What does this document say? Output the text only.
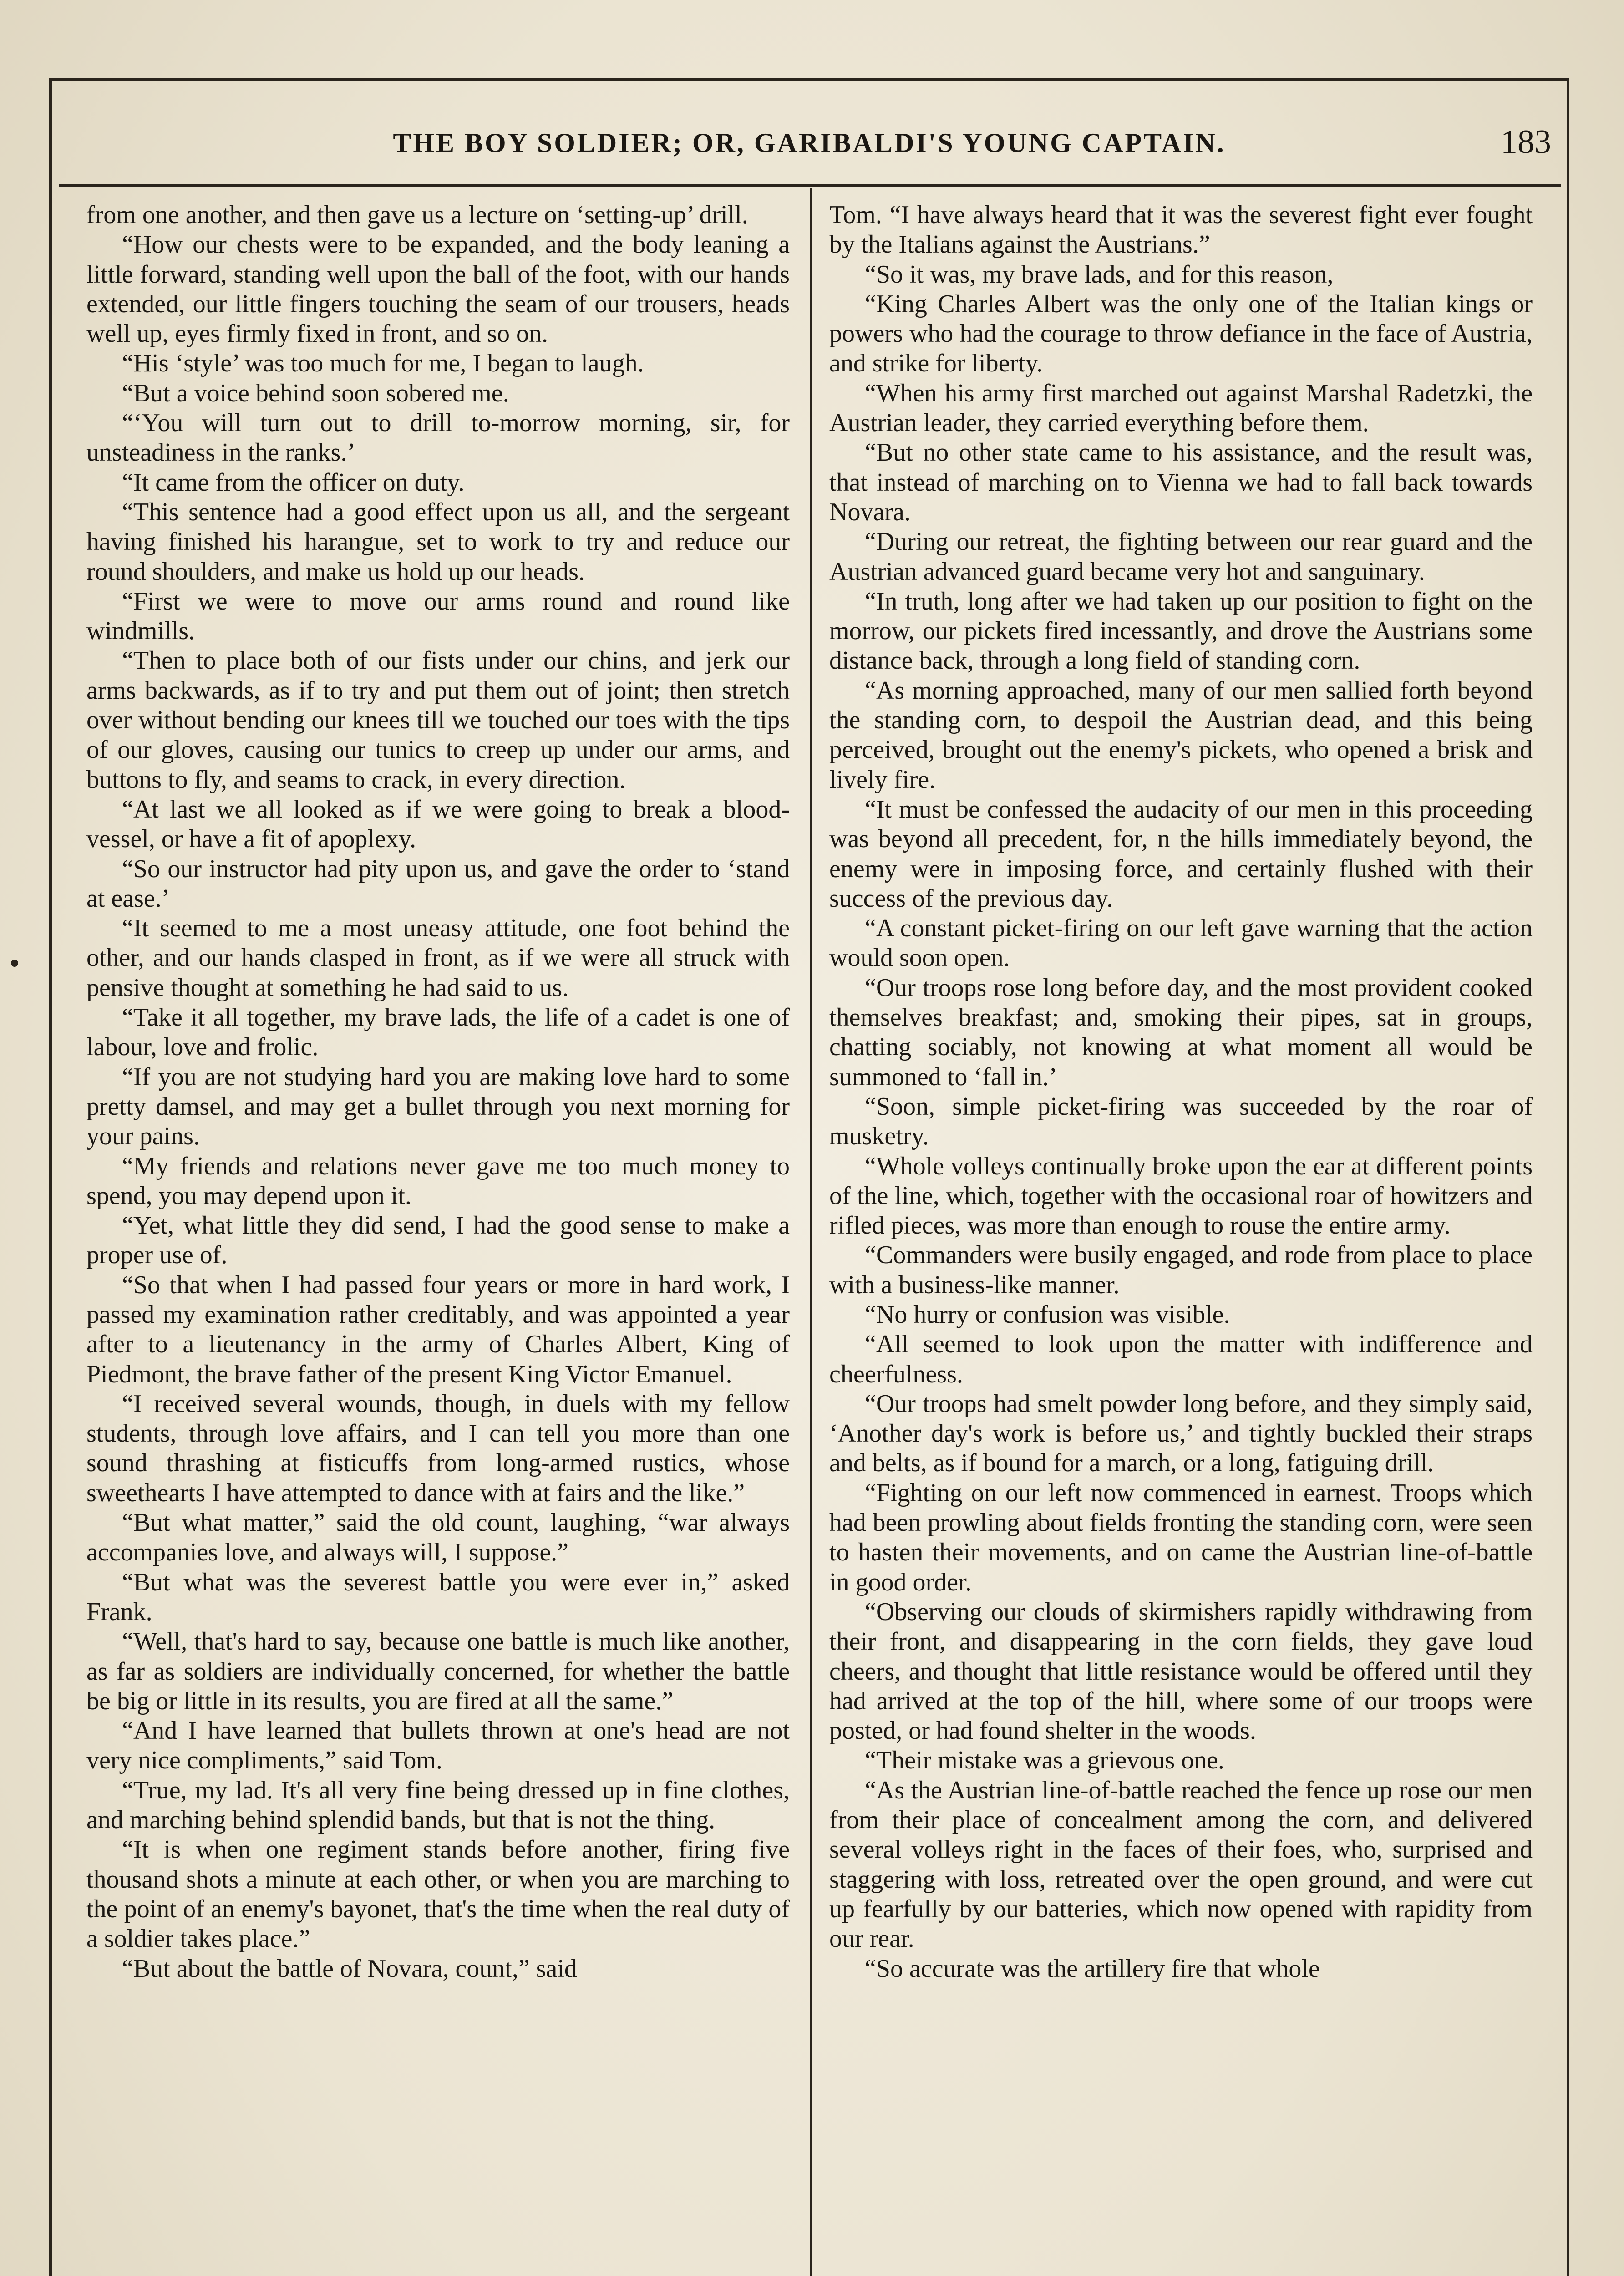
THE BOY SOLDIER; OR, GARIBALDI'S YOUNG CAPTAIN.	183

from one another, and then gave us a lecture on ‘setting-up’ drill.

“How our chests were to be expanded, and the body leaning a little forward, standing well upon the ball of the foot, with our hands extended, our little fingers touching the seam of our trousers, heads well up, eyes firmly fixed in front, and so on.

“His ‘style’ was too much for me, I began to laugh.

“But a voice behind soon sobered me.

“‘You will turn out to drill to-morrow morning, sir, for unsteadiness in the ranks.’

“It came from the officer on duty.

“This sentence had a good effect upon us all, and the sergeant having finished his harangue, set to work to try and reduce our round shoulders, and make us hold up our heads.

“First we were to move our arms round and round like windmills.

“Then to place both of our fists under our chins, and jerk our arms backwards, as if to try and put them out of joint; then stretch over without bending our knees till we touched our toes with the tips of our gloves, causing our tunics to creep up under our arms, and buttons to fly, and seams to crack, in every direction.

“At last we all looked as if we were going to break a blood-vessel, or have a fit of apoplexy.

“So our instructor had pity upon us, and gave the order to ‘stand at ease.’

“It seemed to me a most uneasy attitude, one foot behind the other, and our hands clasped in front, as if we were all struck with pensive thought at something he had said to us.

“Take it all together, my brave lads, the life of a cadet is one of labour, love and frolic.

“If you are not studying hard you are making love hard to some pretty damsel, and may get a bullet through you next morning for your pains.

“My friends and relations never gave me too much money to spend, you may depend upon it.

“Yet, what little they did send, I had the good sense to make a proper use of.

“So that when I had passed four years or more in hard work, I passed my examination rather creditably, and was appointed a year after to a lieutenancy in the army of Charles Albert, King of Piedmont, the brave father of the present King Victor Emanuel.

“I received several wounds, though, in duels with my fellow students, through love affairs, and I can tell you more than one sound thrashing at fisticuffs from long-armed rustics, whose sweethearts I have attempted to dance with at fairs and the like.”

“But what matter,” said the old count, laughing, “war always accompanies love, and always will, I suppose.”

“But what was the severest battle you were ever in,” asked Frank.

“Well, that's hard to say, because one battle is much like another, as far as soldiers are individually concerned, for whether the battle be big or little in its results, you are fired at all the same.”

“And I have learned that bullets thrown at one's head are not very nice compliments,” said Tom.

“True, my lad. It's all very fine being dressed up in fine clothes, and marching behind splendid bands, but that is not the thing.

“It is when one regiment stands before another, firing five thousand shots a minute at each other, or when you are marching to the point of an enemy's bayonet, that's the time when the real duty of a soldier takes place.”

“But about the battle of Novara, count,” said

Tom. “I have always heard that it was the severest fight ever fought by the Italians against the Austrians.”

“So it was, my brave lads, and for this reason,

“King Charles Albert was the only one of the Italian kings or powers who had the courage to throw defiance in the face of Austria, and strike for liberty.

“When his army first marched out against Marshal Radetzki, the Austrian leader, they carried everything before them.

“But no other state came to his assistance, and the result was, that instead of marching on to Vienna we had to fall back towards Novara.

“During our retreat, the fighting between our rear guard and the Austrian advanced guard became very hot and sanguinary.

“In truth, long after we had taken up our position to fight on the morrow, our pickets fired incessantly, and drove the Austrians some distance back, through a long field of standing corn.

“As morning approached, many of our men sallied forth beyond the standing corn, to despoil the Austrian dead, and this being perceived, brought out the enemy's pickets, who opened a brisk and lively fire.

“It must be confessed the audacity of our men in this proceeding was beyond all precedent, for, n the hills immediately beyond, the enemy were in imposing force, and certainly flushed with their success of the previous day.

“A constant picket-firing on our left gave warning that the action would soon open.

“Our troops rose long before day, and the most provident cooked themselves breakfast; and, smoking their pipes, sat in groups, chatting sociably, not knowing at what moment all would be summoned to ‘fall in.’

“Soon, simple picket-firing was succeeded by the roar of musketry.

“Whole volleys continually broke upon the ear at different points of the line, which, together with the occasional roar of howitzers and rifled pieces, was more than enough to rouse the entire army.

“Commanders were busily engaged, and rode from place to place with a business-like manner.

“No hurry or confusion was visible.

“All seemed to look upon the matter with indifference and cheerfulness.

“Our troops had smelt powder long before, and they simply said, ‘Another day's work is before us,’ and tightly buckled their straps and belts, as if bound for a march, or a long, fatiguing drill.

“Fighting on our left now commenced in earnest. Troops which had been prowling about fields fronting the standing corn, were seen to hasten their movements, and on came the Austrian line-of-battle in good order.

“Observing our clouds of skirmishers rapidly withdrawing from their front, and disappearing in the corn fields, they gave loud cheers, and thought that little resistance would be offered until they had arrived at the top of the hill, where some of our troops were posted, or had found shelter in the woods.

“Their mistake was a grievous one.

“As the Austrian line-of-battle reached the fence up rose our men from their place of concealment among the corn, and delivered several volleys right in the faces of their foes, who, surprised and staggering with loss, retreated over the open ground, and were cut up fearfully by our batteries, which now opened with rapidity from our rear.

“So accurate was the artillery fire that whole
